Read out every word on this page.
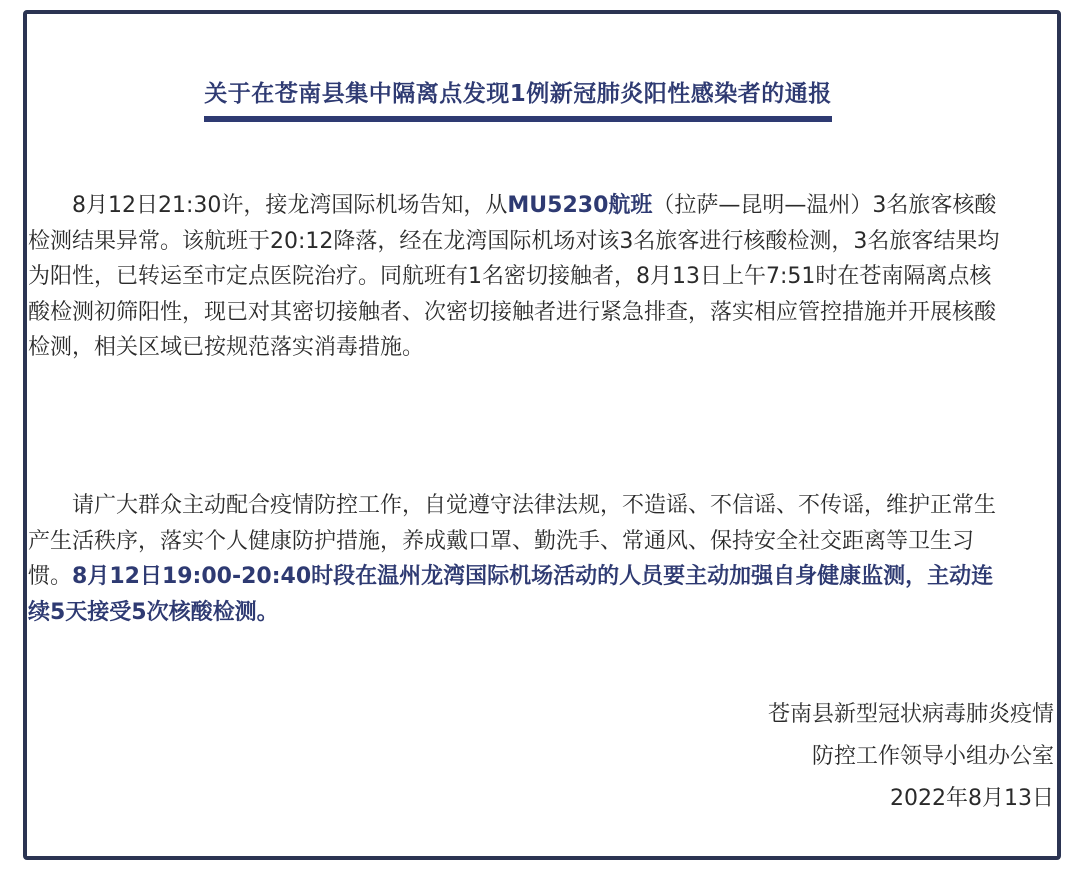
关于在苍南县集中隔离点发现1例新冠肺炎阳性感染者的通报

8月12日21:30许，接龙湾国际机场告知，从MU5230航班（拉萨—昆明—温州）3名旅客核酸检测结果异常。该航班于20:12降落，经在龙湾国际机场对该3名旅客进行核酸检测，3名旅客结果均为阳性，已转运至市定点医院治疗。同航班有1名密切接触者，8月13日上午7:51时在苍南隔离点核酸检测初筛阳性，现已对其密切接触者、次密切接触者进行紧急排查，落实相应管控措施并开展核酸检测，相关区域已按规范落实消毒措施。

请广大群众主动配合疫情防控工作，自觉遵守法律法规，不造谣、不信谣、不传谣，维护正常生产生活秩序，落实个人健康防护措施，养成戴口罩、勤洗手、常通风、保持安全社交距离等卫生习惯。8月12日19:00-20:40时段在温州龙湾国际机场活动的人员要主动加强自身健康监测，主动连续5天接受5次核酸检测。

苍南县新型冠状病毒肺炎疫情
防控工作领导小组办公室
2022年8月13日
